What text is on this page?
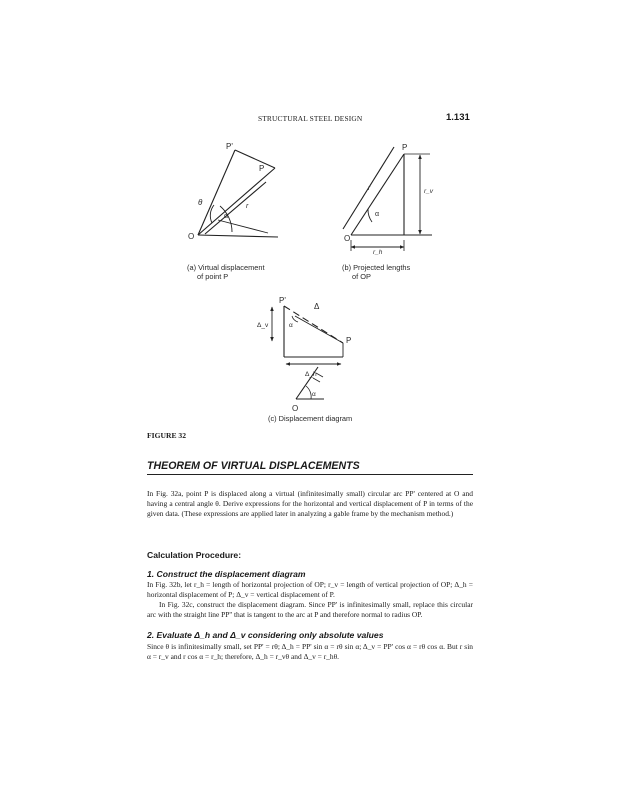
STRUCTURAL STEEL DESIGN	1.131
P'
P
O
θ
α
r
(a) Virtual displacement
of point P
P
O
r	r_v
r_h
α
(b) Projected lengths
of OP
P'
P
Δ
Δ_v
Δ_h
α
α
O
(c) Displacement diagram
FIGURE 32
THEOREM OF VIRTUAL DISPLACEMENTS

In Fig. 32a, point P is displaced along a virtual (infinitesimally small) circular arc PP' centered at O and having a central angle θ. Derive expressions for the horizontal and vertical displacement of P in terms of the given data. (These expressions are applied later in analyzing a gable frame by the mechanism method.)

Calculation Procedure:
1. Construct the displacement diagram

In Fig. 32b, let r_h = length of horizontal projection of OP; r_v = length of vertical projection of OP; Δ_h = horizontal displacement of P; Δ_v = vertical displacement of P.

In Fig. 32c, construct the displacement diagram. Since PP' is infinitesimally small, replace this circular arc with the straight line PP'' that is tangent to the arc at P and therefore normal to radius OP.

2. Evaluate Δ_h and Δ_v considering only absolute values

Since θ is infinitesimally small, set PP' = rθ; Δ_h = PP' sin α = rθ sin α; Δ_v = PP' cos α = rθ cos α. But r sin α = r_v and r cos α = r_h; therefore, Δ_h = r_vθ and Δ_v = r_hθ.
